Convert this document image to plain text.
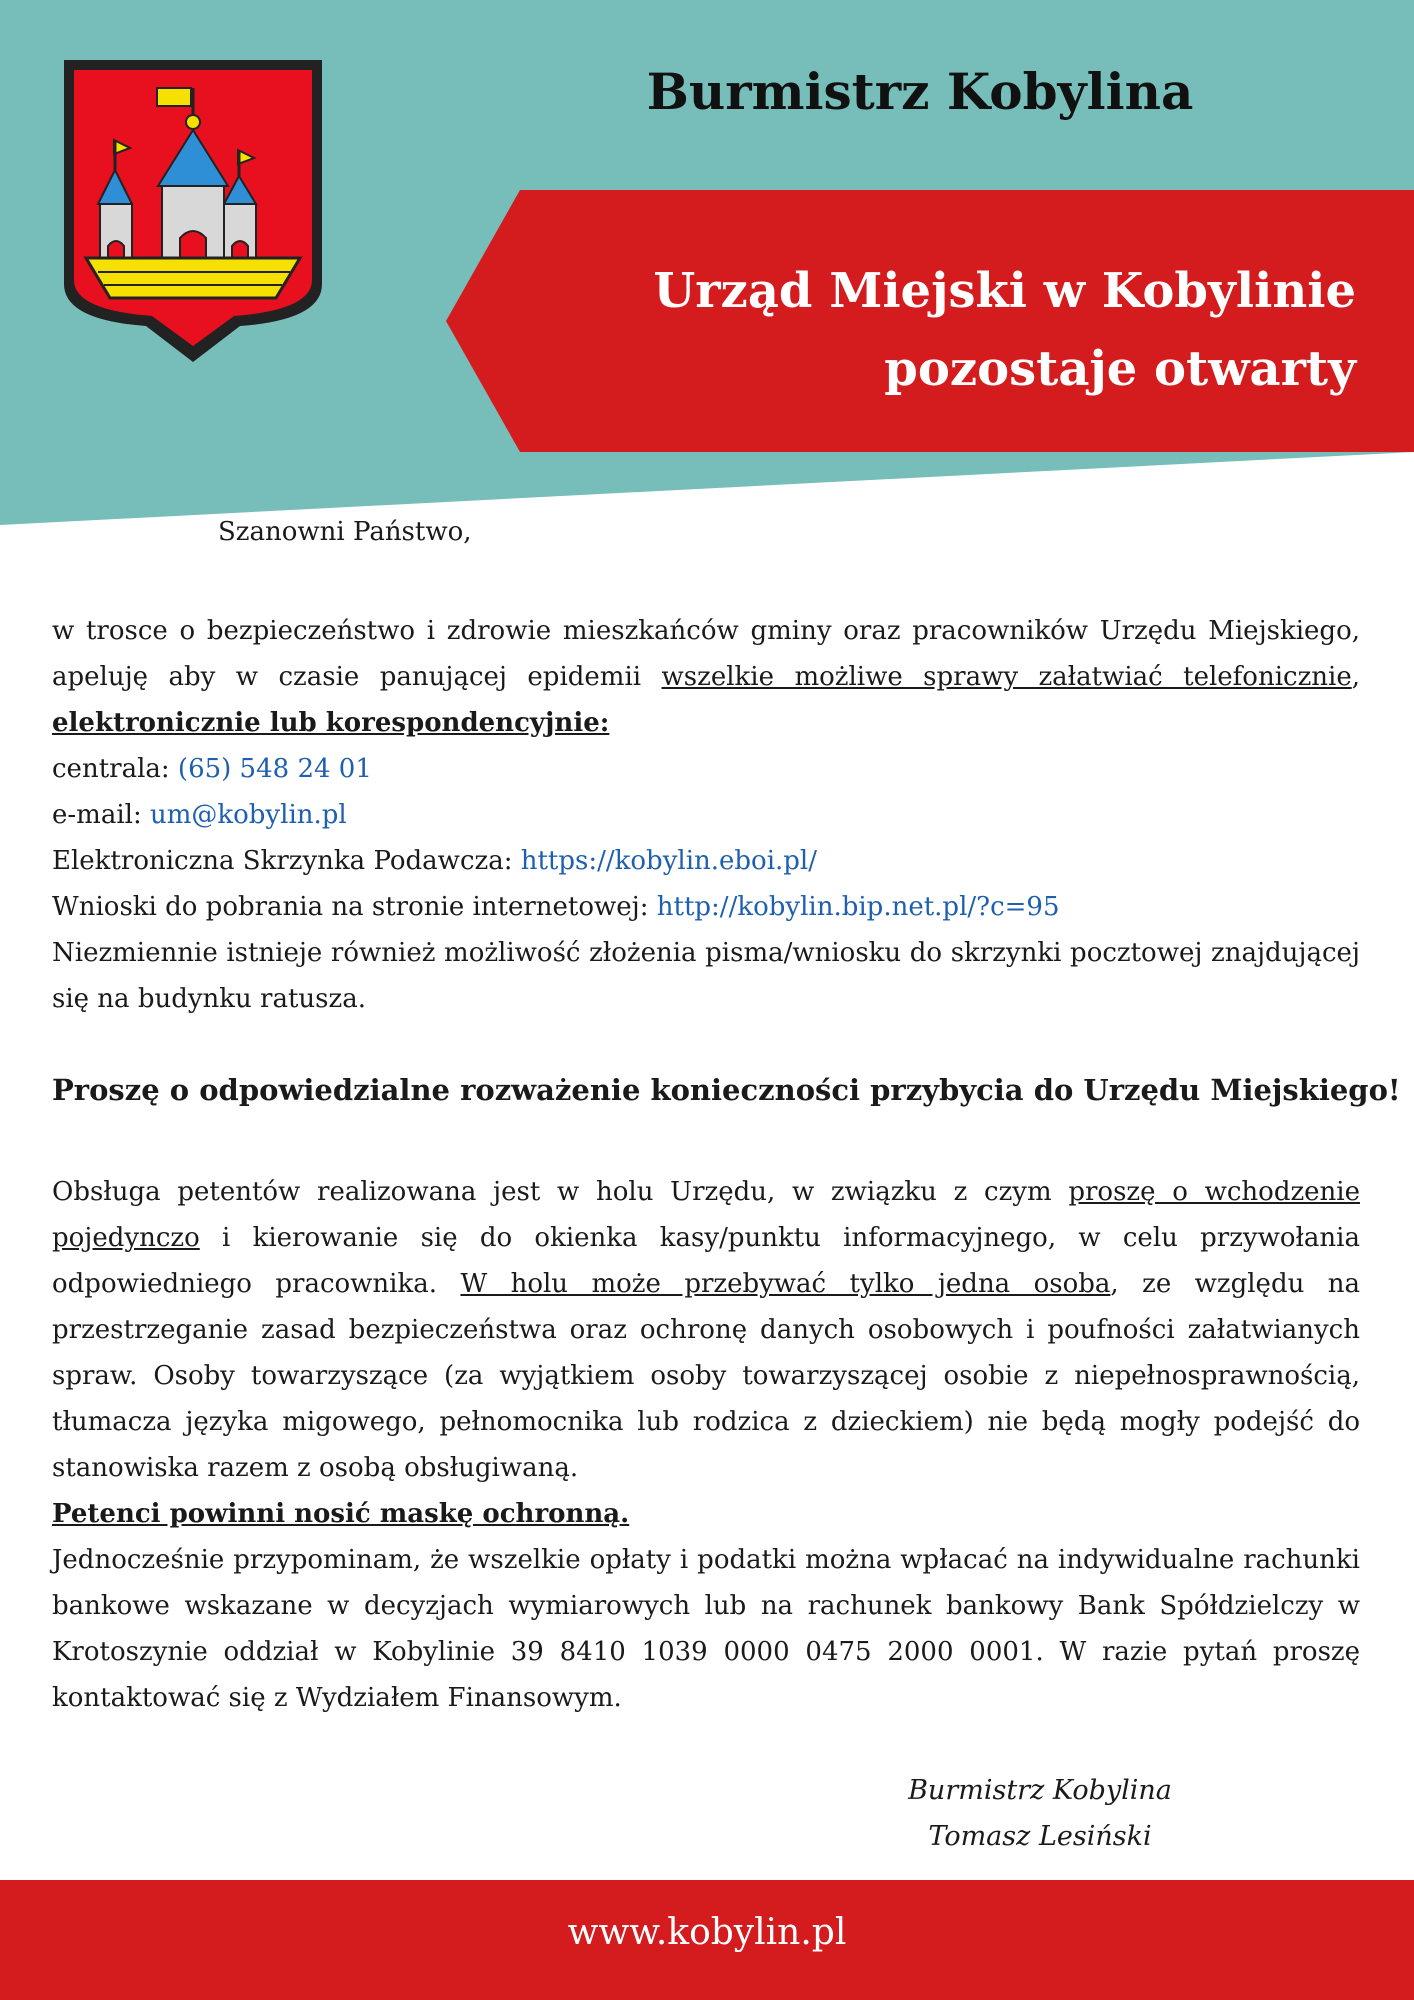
Burmistrz Kobylina
Urząd Miejski w Kobylinie
pozostaje otwarty

Szanowni Państwo,

w trosce o bezpieczeństwo i zdrowie mieszkańców gminy oraz pracowników Urzędu Miejskiego, apeluję aby w czasie panującej epidemii wszelkie możliwe sprawy załatwiać telefonicznie, elektronicznie lub korespondencyjnie:

centrala: (65) 548 24 01

e-mail: um@kobylin.pl

Elektroniczna Skrzynka Podawcza: https://kobylin.eboi.pl/

Wnioski do pobrania na stronie internetowej: http://kobylin.bip.net.pl/?c=95

Niezmiennie istnieje również możliwość złożenia pisma/wniosku do skrzynki pocztowej znajdującej się na budynku ratusza.

Proszę o odpowiedzialne rozważenie konieczności przybycia do Urzędu Miejskiego!

Obsługa petentów realizowana jest w holu Urzędu, w związku z czym proszę o wchodzenie pojedynczo i kierowanie się do okienka kasy/punktu informacyjnego, w celu przywołania odpowiedniego pracownika. W holu może przebywać tylko jedna osoba, ze względu na przestrzeganie zasad bezpieczeństwa oraz ochronę danych osobowych i poufności załatwianych spraw. Osoby towarzyszące (za wyjątkiem osoby towarzyszącej osobie z niepełnosprawnością, tłumacza języka migowego, pełnomocnika lub rodzica z dzieckiem) nie będą mogły podejść do stanowiska razem z osobą obsługiwaną.

Petenci powinni nosić maskę ochronną.

Jednocześnie przypominam, że wszelkie opłaty i podatki można wpłacać na indywidualne rachunki bankowe wskazane w decyzjach wymiarowych lub na rachunek bankowy Bank Spółdzielczy w Krotoszynie oddział w Kobylinie 39 8410 1039 0000 0475 2000 0001. W razie pytań proszę kontaktować się z Wydziałem Finansowym.

Burmistrz Kobylina
Tomasz Lesiński

www.kobylin.pl
